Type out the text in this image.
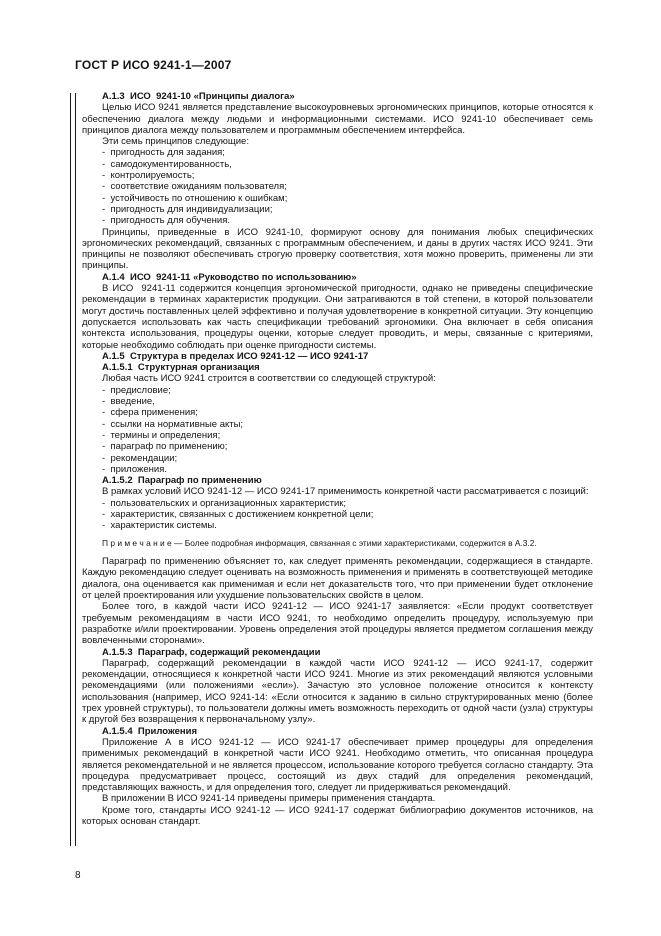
ГОСТ Р ИСО 9241-1—2007

А.1.3  ИСО  9241-10 «Принципы диалога»

Целью ИСО 9241 является представление высокоуровневых эргономических принципов, которые относятся к обеспечению диалога между людьми и информационными системами. ИСО 9241-10 обеспечивает семь принципов диалога между пользователем и программным обеспечением интерфейса.

Эти семь принципов следующие:

-  пригодность для задания;

-  самодокументированность,

-  контролируемость;

-  соответствие ожиданиям пользователя;

-  устойчивость по отношению к ошибкам;

-  пригодность для индивидуализации;

-  пригодность для обучения.

Принципы, приведенные в ИСО 9241-10, формируют основу для понимания любых специфических эргономических рекомендаций, связанных с программным обеспечением, и даны в других частях ИСО 9241. Эти принципы не позволяют обеспечивать строгую проверку соответствия, хотя можно проверить, применены ли эти принципы.

А.1.4  ИСО  9241-11 «Руководство по использованию»

В ИСО  9241-11 содержится концепция эргономической пригодности, однако не приведены специфические рекомендации в терминах характеристик продукции. Они затрагиваются в той степени, в которой пользователи могут достичь поставленных целей эффективно и получая удовлетворение в конкретной ситуации. Эту концепцию допускается использовать как часть спецификации требований эргономики. Она включает в себя описания контекста использования, процедуры оценки, которые следует проводить, и меры, связанные с критериями, которые необходимо соблюдать при оценке пригодности системы.

А.1.5  Структура в пределах ИСО 9241-12 — ИСО 9241-17

А.1.5.1  Структурная организация

Любая часть ИСО 9241 строится в соответствии со следующей структурой:

-  предисловие;

-  введение,

-  сфера применения;

-  ссылки на нормативные акты;

-  термины и определения;

-  параграф по применению;

-  рекомендации;

-  приложения.

А.1.5.2  Параграф по применению

В рамках условий ИСО 9241-12 — ИСО 9241-17 применимость конкретной части рассматривается с позиций:

-  пользовательских и организационных характеристик;

-  характеристик, связанных с достижением конкретной цели;

-  характеристик системы.

П р и м е ч а н и е — Более подробная информация, связанная с этими характеристиками, содержится в А.3.2.

Параграф по применению объясняет то, как следует применять рекомендации, содержащиеся в стандарте. Каждую рекомендацию следует оценивать на возможность применения и применять в соответствующей методике диалога, она оценивается как применимая и если нет доказательств того, что при применении будет отклонение от целей проектирования или ухудшение пользовательских свойств в целом.

Более того, в каждой части ИСО 9241-12 — ИСО 9241-17 заявляется: «Если продукт соответствует требуемым рекомендациям в части ИСО 9241, то необходимо определить процедуру, используемую при разработке и/или проектировании. Уровень определения этой процедуры является предметом соглашения между вовлеченными сторонами».

А.1.5.3  Параграф, содержащий рекомендации

Параграф, содержащий рекомендации в каждой части ИСО 9241-12 — ИСО 9241-17, содержит рекомендации, относящиеся к конкретной части ИСО 9241. Многие из этих рекомендаций являются условными рекомендациями (или положениями «если»). Зачастую это условное положение относится к контексту использования (например, ИСО 9241-14: «Если относится к заданию в сильно структурированных меню (более трех уровней структуры), то пользователи должны иметь возможность переходить от одной части (узла) структуры к другой без возвращения к первоначальному узлу».

А.1.5.4  Приложения

Приложение А в ИСО 9241-12 — ИСО 9241-17 обеспечивает пример процедуры для определения применимых рекомендаций в конкретной части ИСО 9241. Необходимо отметить, что описанная процедура является рекомендательной и не является процессом, использование которого требуется согласно стандарту. Эта процедура предусматривает процесс, состоящий из двух стадий для определения рекомендаций, представляющих важность, и для определения того, следует ли придерживаться рекомендаций.

В приложении В ИСО 9241-14 приведены примеры применения стандарта.

Кроме того, стандарты ИСО 9241-12 — ИСО 9241-17 содержат библиографию документов источников, на которых основан стандарт.

8
